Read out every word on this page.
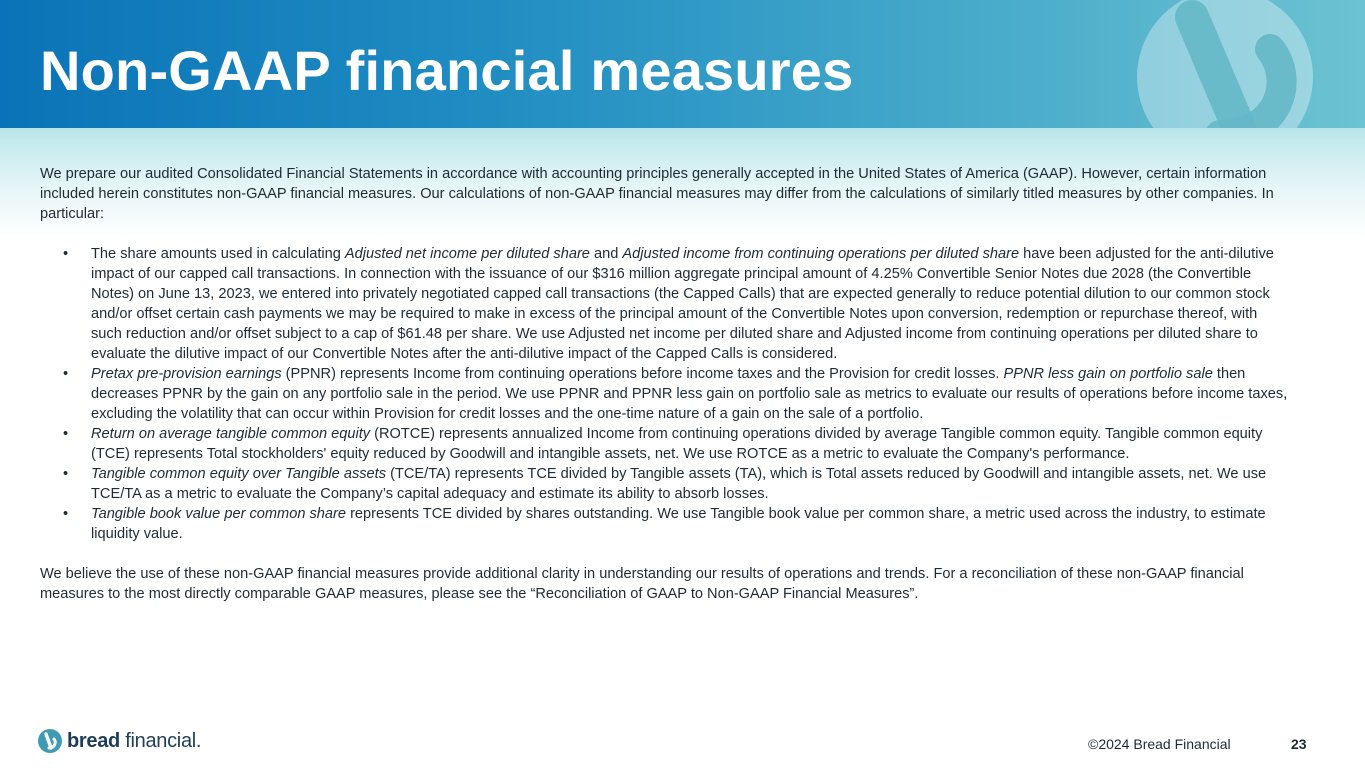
Non-GAAP financial measures

We prepare our audited Consolidated Financial Statements in accordance with accounting principles generally accepted in the United States of America (GAAP). However, certain information included herein constitutes non-GAAP financial measures. Our calculations of non-GAAP financial measures may differ from the calculations of similarly titled measures by other companies. In particular:

• The share amounts used in calculating Adjusted net income per diluted share and Adjusted income from continuing operations per diluted share have been adjusted for the anti-dilutive impact of our capped call transactions. In connection with the issuance of our $316 million aggregate principal amount of 4.25% Convertible Senior Notes due 2028 (the Convertible Notes) on June 13, 2023, we entered into privately negotiated capped call transactions (the Capped Calls) that are expected generally to reduce potential dilution to our common stock and/or offset certain cash payments we may be required to make in excess of the principal amount of the Convertible Notes upon conversion, redemption or repurchase thereof, with such reduction and/or offset subject to a cap of $61.48 per share. We use Adjusted net income per diluted share and Adjusted income from continuing operations per diluted share to evaluate the dilutive impact of our Convertible Notes after the anti-dilutive impact of the Capped Calls is considered.
• Pretax pre-provision earnings (PPNR) represents Income from continuing operations before income taxes and the Provision for credit losses. PPNR less gain on portfolio sale then decreases PPNR by the gain on any portfolio sale in the period. We use PPNR and PPNR less gain on portfolio sale as metrics to evaluate our results of operations before income taxes, excluding the volatility that can occur within Provision for credit losses and the one-time nature of a gain on the sale of a portfolio.
• Return on average tangible common equity (ROTCE) represents annualized Income from continuing operations divided by average Tangible common equity. Tangible common equity (TCE) represents Total stockholders' equity reduced by Goodwill and intangible assets, net. We use ROTCE as a metric to evaluate the Company's performance.
• Tangible common equity over Tangible assets (TCE/TA) represents TCE divided by Tangible assets (TA), which is Total assets reduced by Goodwill and intangible assets, net. We use TCE/TA as a metric to evaluate the Company’s capital adequacy and estimate its ability to absorb losses.
• Tangible book value per common share represents TCE divided by shares outstanding. We use Tangible book value per common share, a metric used across the industry, to estimate liquidity value.

We believe the use of these non-GAAP financial measures provide additional clarity in understanding our results of operations and trends. For a reconciliation of these non-GAAP financial measures to the most directly comparable GAAP measures, please see the “Reconciliation of GAAP to Non-GAAP Financial Measures”.

bread financial.	©2024 Bread Financial	23
